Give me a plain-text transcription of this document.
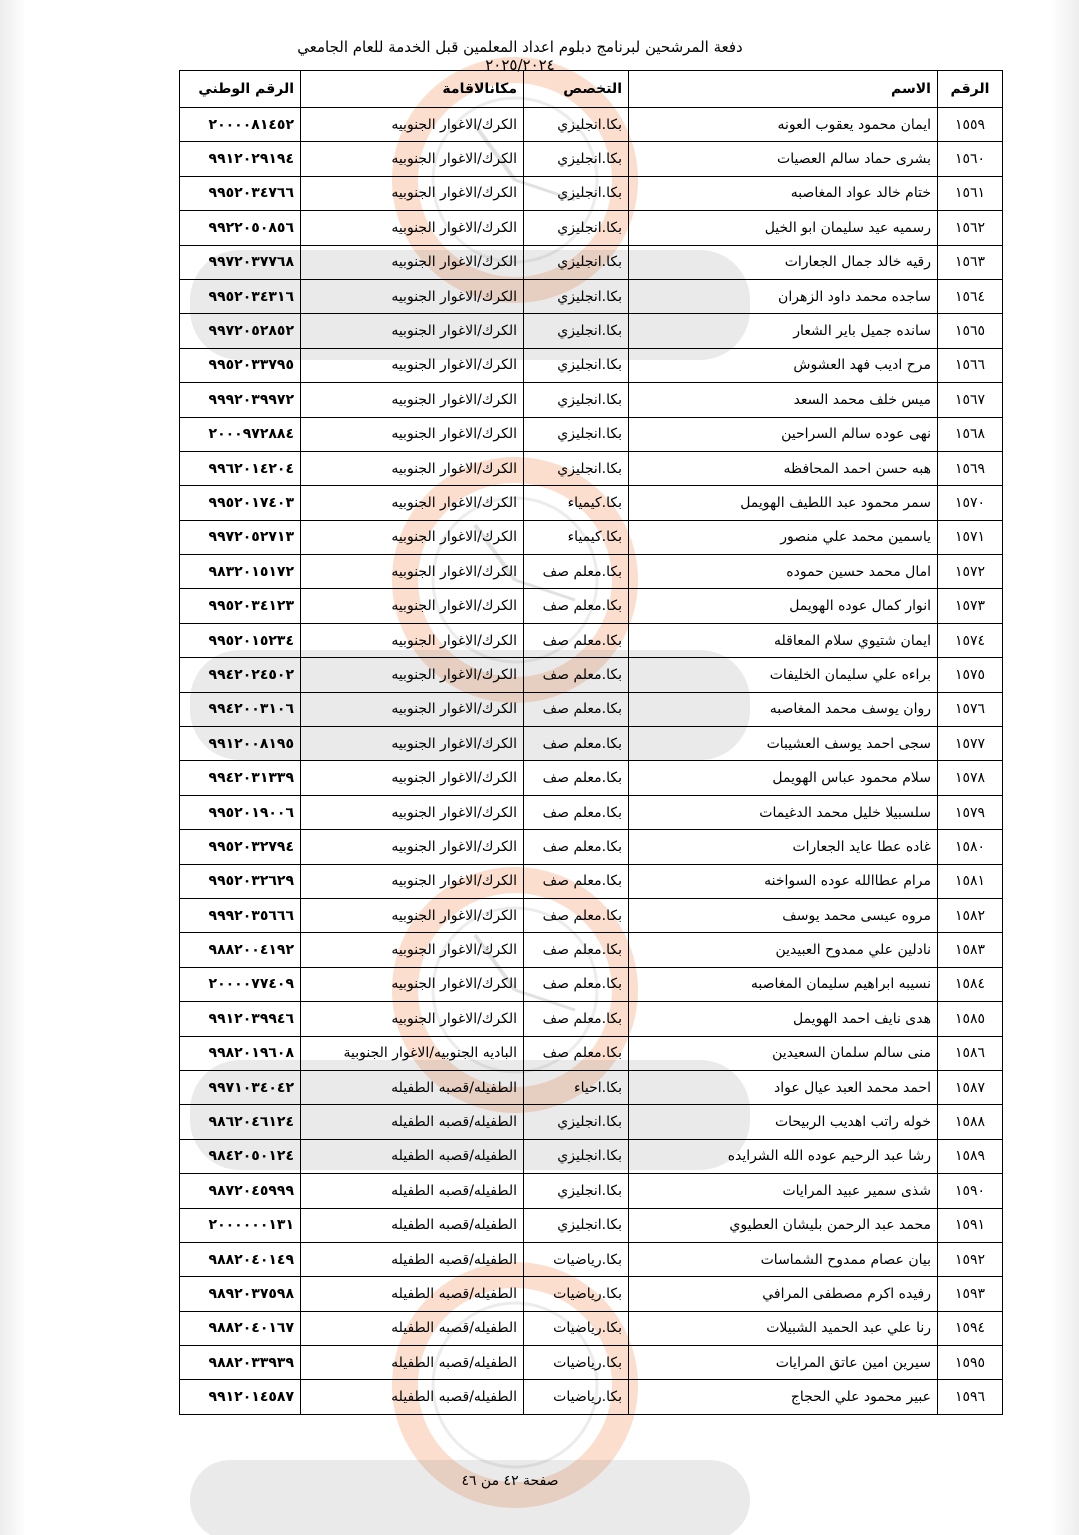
دفعة المرشحين لبرنامج دبلوم اعداد المعلمين قبل الخدمة للعام الجامعي ٢٠٢٥/٢٠٢٤
الرقم	الاسم	التخصص	مكانالاقامة	الرقم الوطني
١٥٥٩	ايمان محمود يعقوب العونه	بكا.انجليزي	الكرك/الاغوار الجنوبيه	٢٠٠٠٠٨١٤٥٢
١٥٦٠	بشرى حماد سالم العصيات	بكا.انجليزي	الكرك/الاغوار الجنوبيه	٩٩١٢٠٢٩١٩٤
١٥٦١	ختام خالد عواد المغاصبه	بكا.انجليزي	الكرك/الاغوار الجنوبيه	٩٩٥٢٠٣٤٧٦٦
١٥٦٢	رسميه عيد سليمان ابو الخيل	بكا.انجليزي	الكرك/الاغوار الجنوبيه	٩٩٢٢٠٥٠٨٥٦
١٥٦٣	رقيه خالد جمال الجعارات	بكا.انجليزي	الكرك/الاغوار الجنوبيه	٩٩٧٢٠٣٧٧٦٨
١٥٦٤	ساجده محمد داود الزهران	بكا.انجليزي	الكرك/الاغوار الجنوبيه	٩٩٥٢٠٣٤٣١٦
١٥٦٥	سانده جميل باير الشعار	بكا.انجليزي	الكرك/الاغوار الجنوبيه	٩٩٧٢٠٥٢٨٥٢
١٥٦٦	مرح اديب فهد العشوش	بكا.انجليزي	الكرك/الاغوار الجنوبيه	٩٩٥٢٠٣٣٧٩٥
١٥٦٧	ميس خلف محمد السعد	بكا.انجليزي	الكرك/الاغوار الجنوبيه	٩٩٩٢٠٣٩٩٧٢
١٥٦٨	نهى عوده سالم السراحين	بكا.انجليزي	الكرك/الاغوار الجنوبيه	٢٠٠٠٩٧٢٨٨٤
١٥٦٩	هبه حسن احمد المحافظه	بكا.انجليزي	الكرك/الاغوار الجنوبيه	٩٩٦٢٠١٤٢٠٤
١٥٧٠	سمر محمود عبد اللطيف الهويمل	بكا.كيمياء	الكرك/الاغوار الجنوبيه	٩٩٥٢٠١٧٤٠٣
١٥٧١	ياسمين محمد علي منصور	بكا.كيمياء	الكرك/الاغوار الجنوبيه	٩٩٧٢٠٥٢٧١٣
١٥٧٢	امال محمد حسين حموده	بكا.معلم صف	الكرك/الاغوار الجنوبيه	٩٨٣٢٠١٥١٧٢
١٥٧٣	انوار كمال عوده الهويمل	بكا.معلم صف	الكرك/الاغوار الجنوبيه	٩٩٥٢٠٣٤١٢٣
١٥٧٤	ايمان شتيوي سلام المعاقله	بكا.معلم صف	الكرك/الاغوار الجنوبيه	٩٩٥٢٠١٥٢٣٤
١٥٧٥	براءه علي سليمان الخليفات	بكا.معلم صف	الكرك/الاغوار الجنوبيه	٩٩٤٢٠٢٤٥٠٢
١٥٧٦	روان يوسف محمد المغاصبه	بكا.معلم صف	الكرك/الاغوار الجنوبيه	٩٩٤٢٠٠٣١٠٦
١٥٧٧	سجى احمد يوسف العشيبات	بكا.معلم صف	الكرك/الاغوار الجنوبيه	٩٩١٢٠٠٨١٩٥
١٥٧٨	سلام محمود عباس الهويمل	بكا.معلم صف	الكرك/الاغوار الجنوبيه	٩٩٤٢٠٣١٣٣٩
١٥٧٩	سلسبيلا خليل محمد الدغيمات	بكا.معلم صف	الكرك/الاغوار الجنوبيه	٩٩٥٢٠١٩٠٠٦
١٥٨٠	غاده عطا عايد الجعارات	بكا.معلم صف	الكرك/الاغوار الجنوبيه	٩٩٥٢٠٣٢٧٩٤
١٥٨١	مرام عطاالله عوده السواخنه	بكا.معلم صف	الكرك/الاغوار الجنوبيه	٩٩٥٢٠٣٢٦٢٩
١٥٨٢	مروه عيسى محمد يوسف	بكا.معلم صف	الكرك/الاغوار الجنوبيه	٩٩٩٢٠٣٥٦٦٦
١٥٨٣	نادلين علي ممدوح العبيدين	بكا.معلم صف	الكرك/الاغوار الجنوبيه	٩٨٨٢٠٠٤١٩٢
١٥٨٤	نسيبه ابراهيم سليمان المغاصبه	بكا.معلم صف	الكرك/الاغوار الجنوبيه	٢٠٠٠٠٧٧٤٠٩
١٥٨٥	هدى نايف احمد الهويمل	بكا.معلم صف	الكرك/الاغوار الجنوبيه	٩٩١٢٠٣٩٩٤٦
١٥٨٦	منى سالم سلمان السعيدين	بكا.معلم صف	الباديه الجنوبيه/الاغوار الجنوبية	٩٩٨٢٠١٩٦٠٨
١٥٨٧	احمد محمد العبد عيال عواد	بكا.احياء	الطفيله/قصبه الطفيله	٩٩٧١٠٣٤٠٤٢
١٥٨٨	خوله راتب اهديب الربيحات	بكا.انجليزي	الطفيله/قصبه الطفيله	٩٨٦٢٠٤٦١٢٤
١٥٨٩	رشا عبد الرحيم عوده الله الشرايده	بكا.انجليزي	الطفيله/قصبه الطفيله	٩٨٤٢٠٥٠١٢٤
١٥٩٠	شذى سمير عبيد المرايات	بكا.انجليزي	الطفيله/قصبه الطفيله	٩٨٧٢٠٤٥٩٩٩
١٥٩١	محمد عبد الرحمن بليشان العطيوي	بكا.انجليزي	الطفيله/قصبه الطفيله	٢٠٠٠٠٠٠١٣١
١٥٩٢	بيان عصام ممدوح الشماسات	بكا.رياضيات	الطفيله/قصبه الطفيله	٩٨٨٢٠٤٠١٤٩
١٥٩٣	رفيده اكرم مصطفى المرافي	بكا.رياضيات	الطفيله/قصبه الطفيله	٩٨٩٢٠٣٧٥٩٨
١٥٩٤	رنا علي عبد الحميد الشبيلات	بكا.رياضيات	الطفيله/قصبه الطفيله	٩٨٨٢٠٤٠١٦٧
١٥٩٥	سيرين امين عاتق المرايات	بكا.رياضيات	الطفيله/قصبه الطفيله	٩٨٨٢٠٣٣٩٣٩
١٥٩٦	عبير محمود علي الحجاج	بكا.رياضيات	الطفيله/قصبه الطفيله	٩٩١٢٠١٤٥٨٧
صفحة ٤٢ من ٤٦
